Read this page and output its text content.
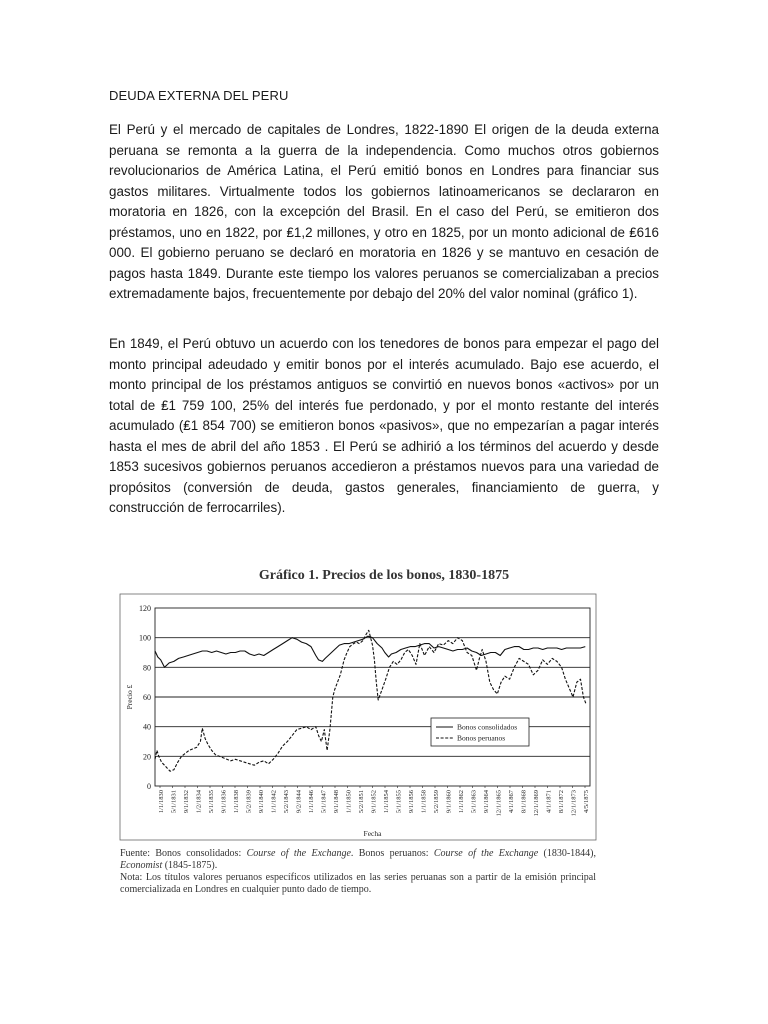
DEUDA EXTERNA DEL PERU

El Perú y el mercado de capitales de Londres, 1822-1890 El origen de la deuda externa peruana se remonta a la guerra de la independencia. Como muchos otros gobiernos revolucionarios de América Latina, el Perú emitió bonos en Londres para financiar sus gastos militares. Virtualmente todos los gobiernos latinoamericanos se declararon en moratoria en 1826, con la excepción del Brasil. En el caso del Perú, se emitieron dos préstamos, uno en 1822, por ₤1,2 millones, y otro en 1825, por un monto adicional de ₤616 000. El gobierno peruano se declaró en moratoria en 1826 y se mantuvo en cesación de pagos hasta 1849. Durante este tiempo los valores peruanos se comercializaban a precios extremadamente bajos, frecuentemente por debajo del 20% del valor nominal (gráfico 1).

En 1849, el Perú obtuvo un acuerdo con los tenedores de bonos para empezar el pago del monto principal adeudado y emitir bonos por el interés acumulado. Bajo ese acuerdo, el monto principal de los préstamos antiguos se convirtió en nuevos bonos «activos» por un total de ₤1 759 100, 25% del interés fue perdonado, y por el monto restante del interés acumulado (₤1 854 700) se emitieron bonos «pasivos», que no empezarían a pagar interés hasta el mes de abril del año 1853 . El Perú se adhirió a los términos del acuerdo y desde 1853 sucesivos gobiernos peruanos accedieron a préstamos nuevos para una variedad de propósitos (conversión de deuda, gastos generales, financiamiento de guerra, y construcción de ferrocarriles).

Gráfico 1. Precios de los bonos, 1830-1875
0
20
40
60
80
100
120
1/1/1830 5/1/1831 9/1/1832 1/2/1834 5/1/1835 9/1/1836 1/1/1838 5/2/1839 9/1/1840 1/1/1842 5/2/1843 9/2/1844 1/1/1846 5/1/1847 9/1/1848 1/1/1850 5/2/1851 9/1/1852 1/1/1854 5/1/1855 9/1/1856 1/1/1858 5/2/1859 9/1/1860 1/1/1862 5/1/1863 9/1/1864 12/1/1865 4/1/1867 8/1/1868 12/1/1869 4/1/1871 8/1/1872 12/1/1873 4/5/1875
Precio £
Fecha
Bonos consolidados
Bonos peruanos

Fuente: Bonos consolidados: Course of the Exchange. Bonos peruanos: Course of the Exchange (1830-1844), Economist (1845-1875).

Nota: Los títulos valores peruanos específicos utilizados en las series peruanas son a partir de la emisión principal comercializada en Londres en cualquier punto dado de tiempo.
